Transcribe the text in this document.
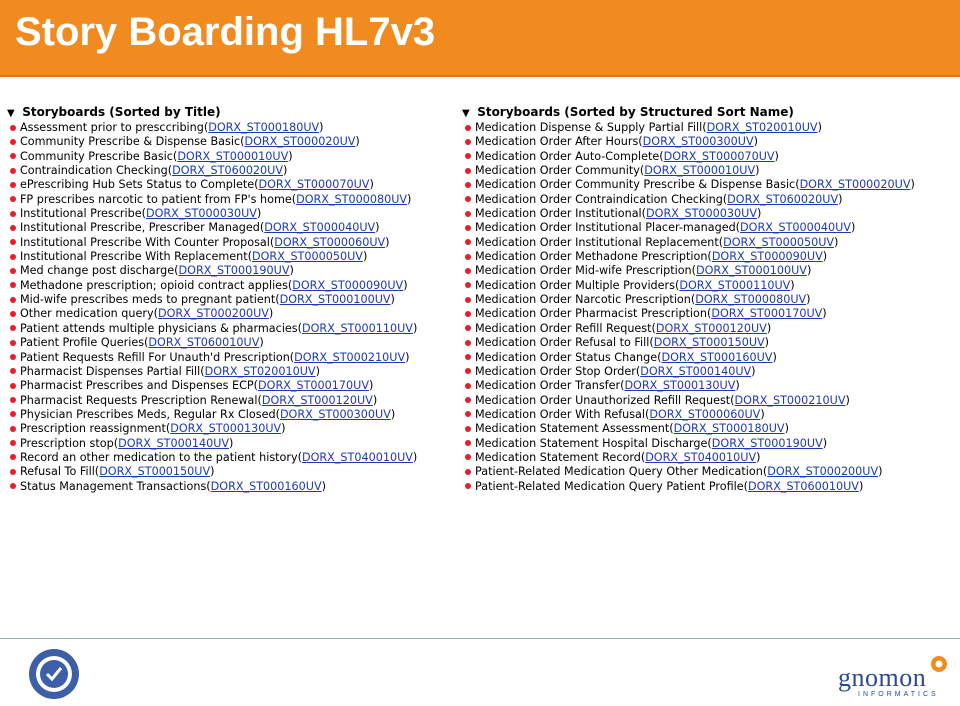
Story Boarding HL7v3
▼ Storyboards (Sorted by Title)
Assessment prior to presccribing(DORX_ST000180UV)
Community Prescribe & Dispense Basic(DORX_ST000020UV)
Community Prescribe Basic(DORX_ST000010UV)
Contraindication Checking(DORX_ST060020UV)
ePrescribing Hub Sets Status to Complete(DORX_ST000070UV)
FP prescribes narcotic to patient from FP's home(DORX_ST000080UV)
Institutional Prescribe(DORX_ST000030UV)
Institutional Prescribe, Prescriber Managed(DORX_ST000040UV)
Institutional Prescribe With Counter Proposal(DORX_ST000060UV)
Institutional Prescribe With Replacement(DORX_ST000050UV)
Med change post discharge(DORX_ST000190UV)
Methadone prescription; opioid contract applies(DORX_ST000090UV)
Mid-wife prescribes meds to pregnant patient(DORX_ST000100UV)
Other medication query(DORX_ST000200UV)
Patient attends multiple physicians & pharmacies(DORX_ST000110UV)
Patient Profile Queries(DORX_ST060010UV)
Patient Requests Refill For Unauth'd Prescription(DORX_ST000210UV)
Pharmacist Dispenses Partial Fill(DORX_ST020010UV)
Pharmacist Prescribes and Dispenses ECP(DORX_ST000170UV)
Pharmacist Requests Prescription Renewal(DORX_ST000120UV)
Physician Prescribes Meds, Regular Rx Closed(DORX_ST000300UV)
Prescription reassignment(DORX_ST000130UV)
Prescription stop(DORX_ST000140UV)
Record an other medication to the patient history(DORX_ST040010UV)
Refusal To Fill(DORX_ST000150UV)
Status Management Transactions(DORX_ST000160UV)
▼ Storyboards (Sorted by Structured Sort Name)
Medication Dispense & Supply Partial Fill(DORX_ST020010UV)
Medication Order After Hours(DORX_ST000300UV)
Medication Order Auto-Complete(DORX_ST000070UV)
Medication Order Community(DORX_ST000010UV)
Medication Order Community Prescribe & Dispense Basic(DORX_ST000020UV)
Medication Order Contraindication Checking(DORX_ST060020UV)
Medication Order Institutional(DORX_ST000030UV)
Medication Order Institutional Placer-managed(DORX_ST000040UV)
Medication Order Institutional Replacement(DORX_ST000050UV)
Medication Order Methadone Prescription(DORX_ST000090UV)
Medication Order Mid-wife Prescription(DORX_ST000100UV)
Medication Order Multiple Providers(DORX_ST000110UV)
Medication Order Narcotic Prescription(DORX_ST000080UV)
Medication Order Pharmacist Prescription(DORX_ST000170UV)
Medication Order Refill Request(DORX_ST000120UV)
Medication Order Refusal to Fill(DORX_ST000150UV)
Medication Order Status Change(DORX_ST000160UV)
Medication Order Stop Order(DORX_ST000140UV)
Medication Order Transfer(DORX_ST000130UV)
Medication Order Unauthorized Refill Request(DORX_ST000210UV)
Medication Order With Refusal(DORX_ST000060UV)
Medication Statement Assessment(DORX_ST000180UV)
Medication Statement Hospital Discharge(DORX_ST000190UV)
Medication Statement Record(DORX_ST040010UV)
Patient-Related Medication Query Other Medication(DORX_ST000200UV)
Patient-Related Medication Query Patient Profile(DORX_ST060010UV)
gnomon
INFORMATICS
